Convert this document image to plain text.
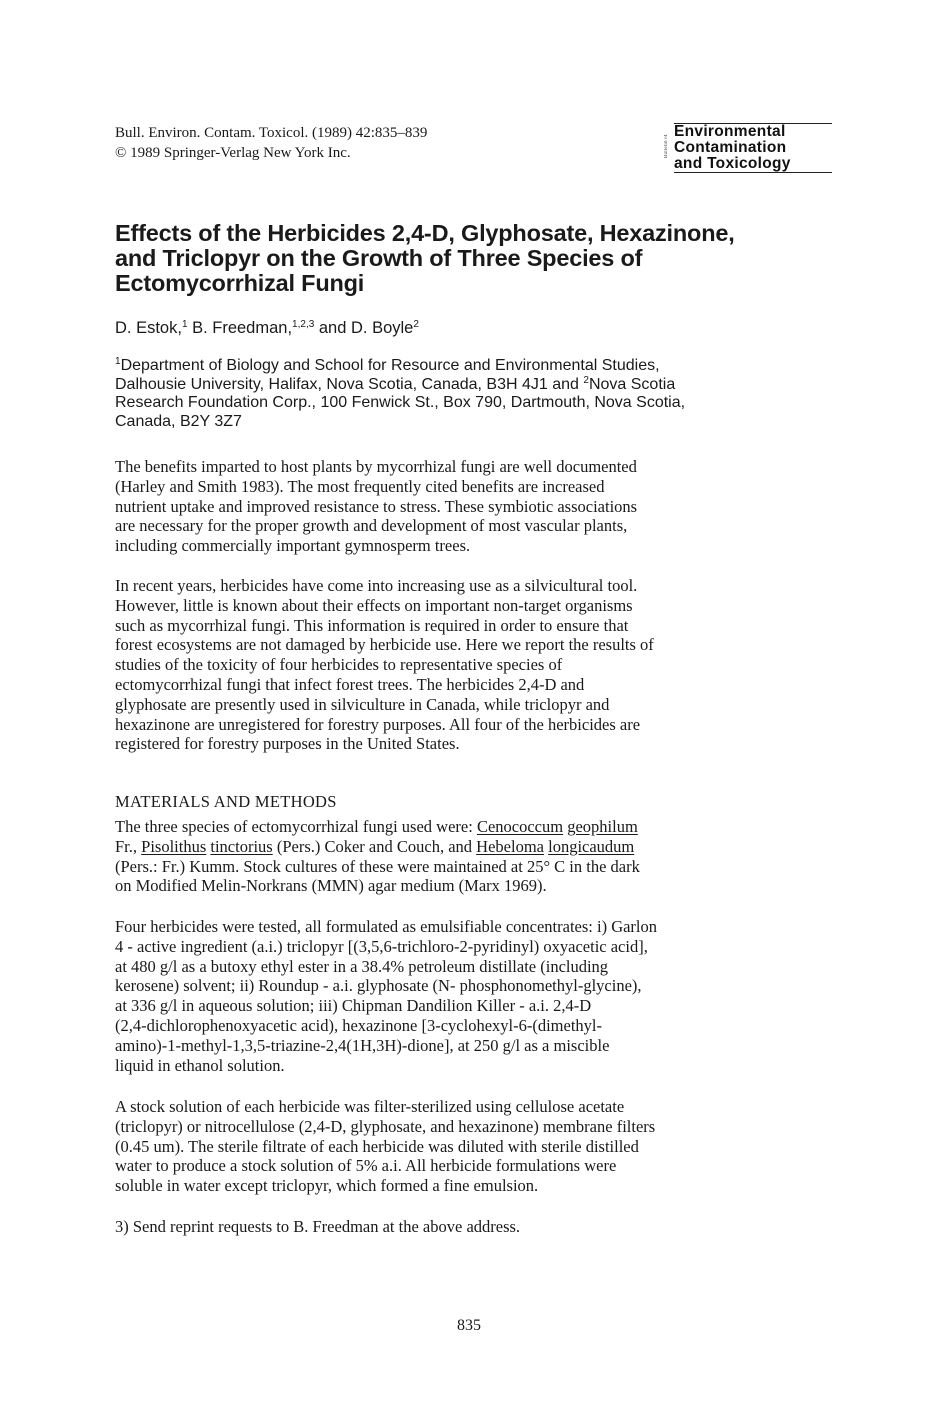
Bull. Environ. Contam. Toxicol. (1989) 42:835–839
© 1989 Springer-Verlag New York Inc.	Bulletin of
Environmental
Contamination
and Toxicology
Effects of the Herbicides 2,4-D, Glyphosate, Hexazinone,
and Triclopyr on the Growth of Three Species of
Ectomycorrhizal Fungi
D. Estok,$^1$ B. Freedman,$^{1,2,3}$ and D. Boyle$^2$
$^1$Department of Biology and School for Resource and Environmental Studies,
Dalhousie University, Halifax, Nova Scotia, Canada, B3H 4J1 and $^2$Nova Scotia
Research Foundation Corp., 100 Fenwick St., Box 790, Dartmouth, Nova Scotia,
Canada, B2Y 3Z7
The benefits imparted to host plants by mycorrhizal fungi are well documented
(Harley and Smith 1983). The most frequently cited benefits are increased
nutrient uptake and improved resistance to stress. These symbiotic associations
are necessary for the proper growth and development of most vascular plants,
including commercially important gymnosperm trees.
In recent years, herbicides have come into increasing use as a silvicultural tool.
However, little is known about their effects on important non-target organisms
such as mycorrhizal fungi. This information is required in order to ensure that
forest ecosystems are not damaged by herbicide use. Here we report the results of
studies of the toxicity of four herbicides to representative species of
ectomycorrhizal fungi that infect forest trees. The herbicides 2,4-D and
glyphosate are presently used in silviculture in Canada, while triclopyr and
hexazinone are unregistered for forestry purposes. All four of the herbicides are
registered for forestry purposes in the United States.
MATERIALS AND METHODS
The three species of ectomycorrhizal fungi used were: Cenococcum geophilum
Fr., Pisolithus tinctorius (Pers.) Coker and Couch, and Hebeloma longicaudum
(Pers.: Fr.) Kumm. Stock cultures of these were maintained at 25° C in the dark
on Modified Melin-Norkrans (MMN) agar medium (Marx 1969).
Four herbicides were tested, all formulated as emulsifiable concentrates: i) Garlon
4 - active ingredient (a.i.) triclopyr [(3,5,6-trichloro-2-pyridinyl) oxyacetic acid],
at 480 g/l as a butoxy ethyl ester in a 38.4% petroleum distillate (including
kerosene) solvent; ii) Roundup - a.i. glyphosate (N- phosphonomethyl-glycine),
at 336 g/l in aqueous solution; iii) Chipman Dandilion Killer - a.i. 2,4-D
(2,4-dichlorophenoxyacetic acid), hexazinone [3-cyclohexyl-6-(dimethyl-
amino)-1-methyl-1,3,5-triazine-2,4(1H,3H)-dione], at 250 g/l as a miscible
liquid in ethanol solution.
A stock solution of each herbicide was filter-sterilized using cellulose acetate
(triclopyr) or nitrocellulose (2,4-D, glyphosate, and hexazinone) membrane filters
(0.45 um). The sterile filtrate of each herbicide was diluted with sterile distilled
water to produce a stock solution of 5% a.i. All herbicide formulations were
soluble in water except triclopyr, which formed a fine emulsion.
3) Send reprint requests to B. Freedman at the above address.
835
